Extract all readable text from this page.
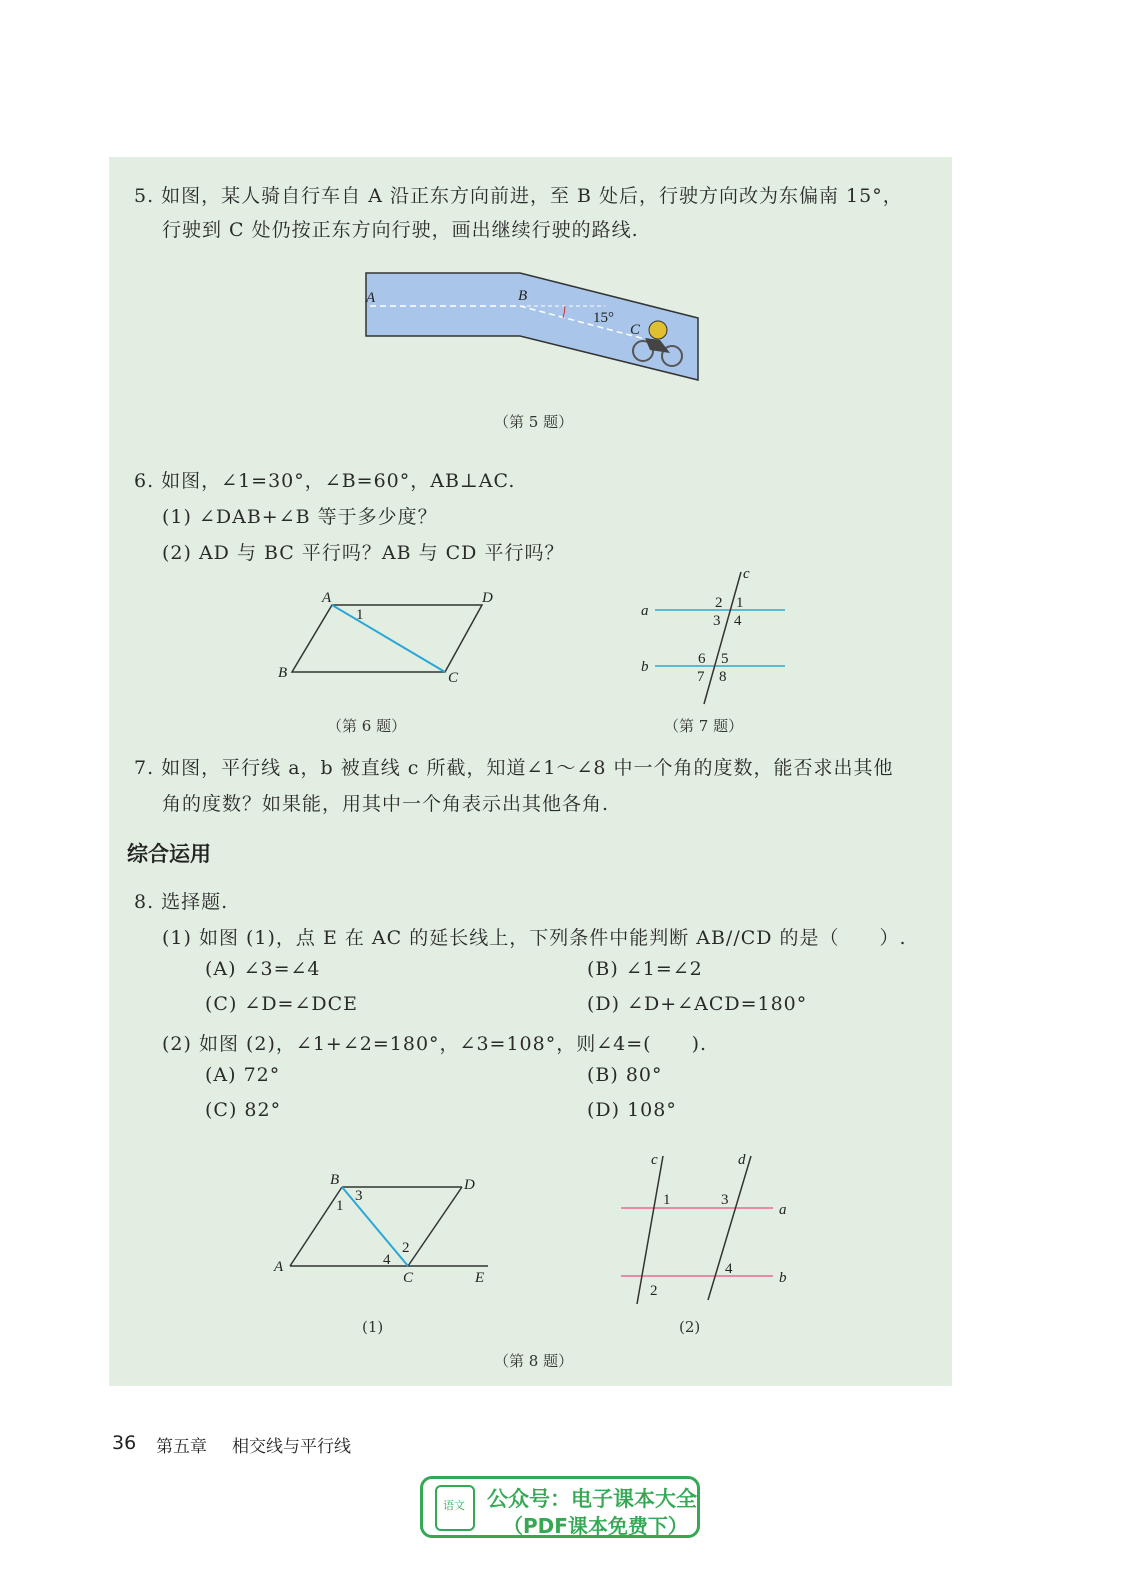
5. 如图，某人骑自行车自 A 沿正东方向前进，至 B 处后，行驶方向改为东偏南 15°，
行驶到 C 处仍按正东方向行驶，画出继续行驶的路线.
A	B
15°
C
（第 5 题）
6. 如图，∠1=30°，∠B=60°，AB⊥AC.
(1) ∠DAB+∠B 等于多少度？
(2) AD 与 BC 平行吗？AB 与 CD 平行吗？
A	D
B	C
1
（第 6 题）
c
a
b
2 1
3 4
6 5
7 8
（第 7 题）
7. 如图，平行线 a，b 被直线 c 所截，知道∠1～∠8 中一个角的度数，能否求出其他
角的度数？如果能，用其中一个角表示出其他各角.
综合运用
8. 选择题.
(1) 如图 (1)，点 E 在 AC 的延长线上，下列条件中能判断 AB//CD 的是（　　）.
(A) ∠3=∠4	(B) ∠1=∠2
(C) ∠D=∠DCE	(D) ∠D+∠ACD=180°
(2) 如图 (2)，∠1+∠2=180°，∠3=108°，则∠4=(　　).
(A) 72°	(B) 80°
(C) 82°	(D) 108°
B	D
A
C	E
3
1
2
4
(1)
c	d
a
b
1	3
4
2
(2)
（第 8 题）
36 第五章 相交线与平行线
语文 公众号：电子课本大全
（PDF课本免费下）
